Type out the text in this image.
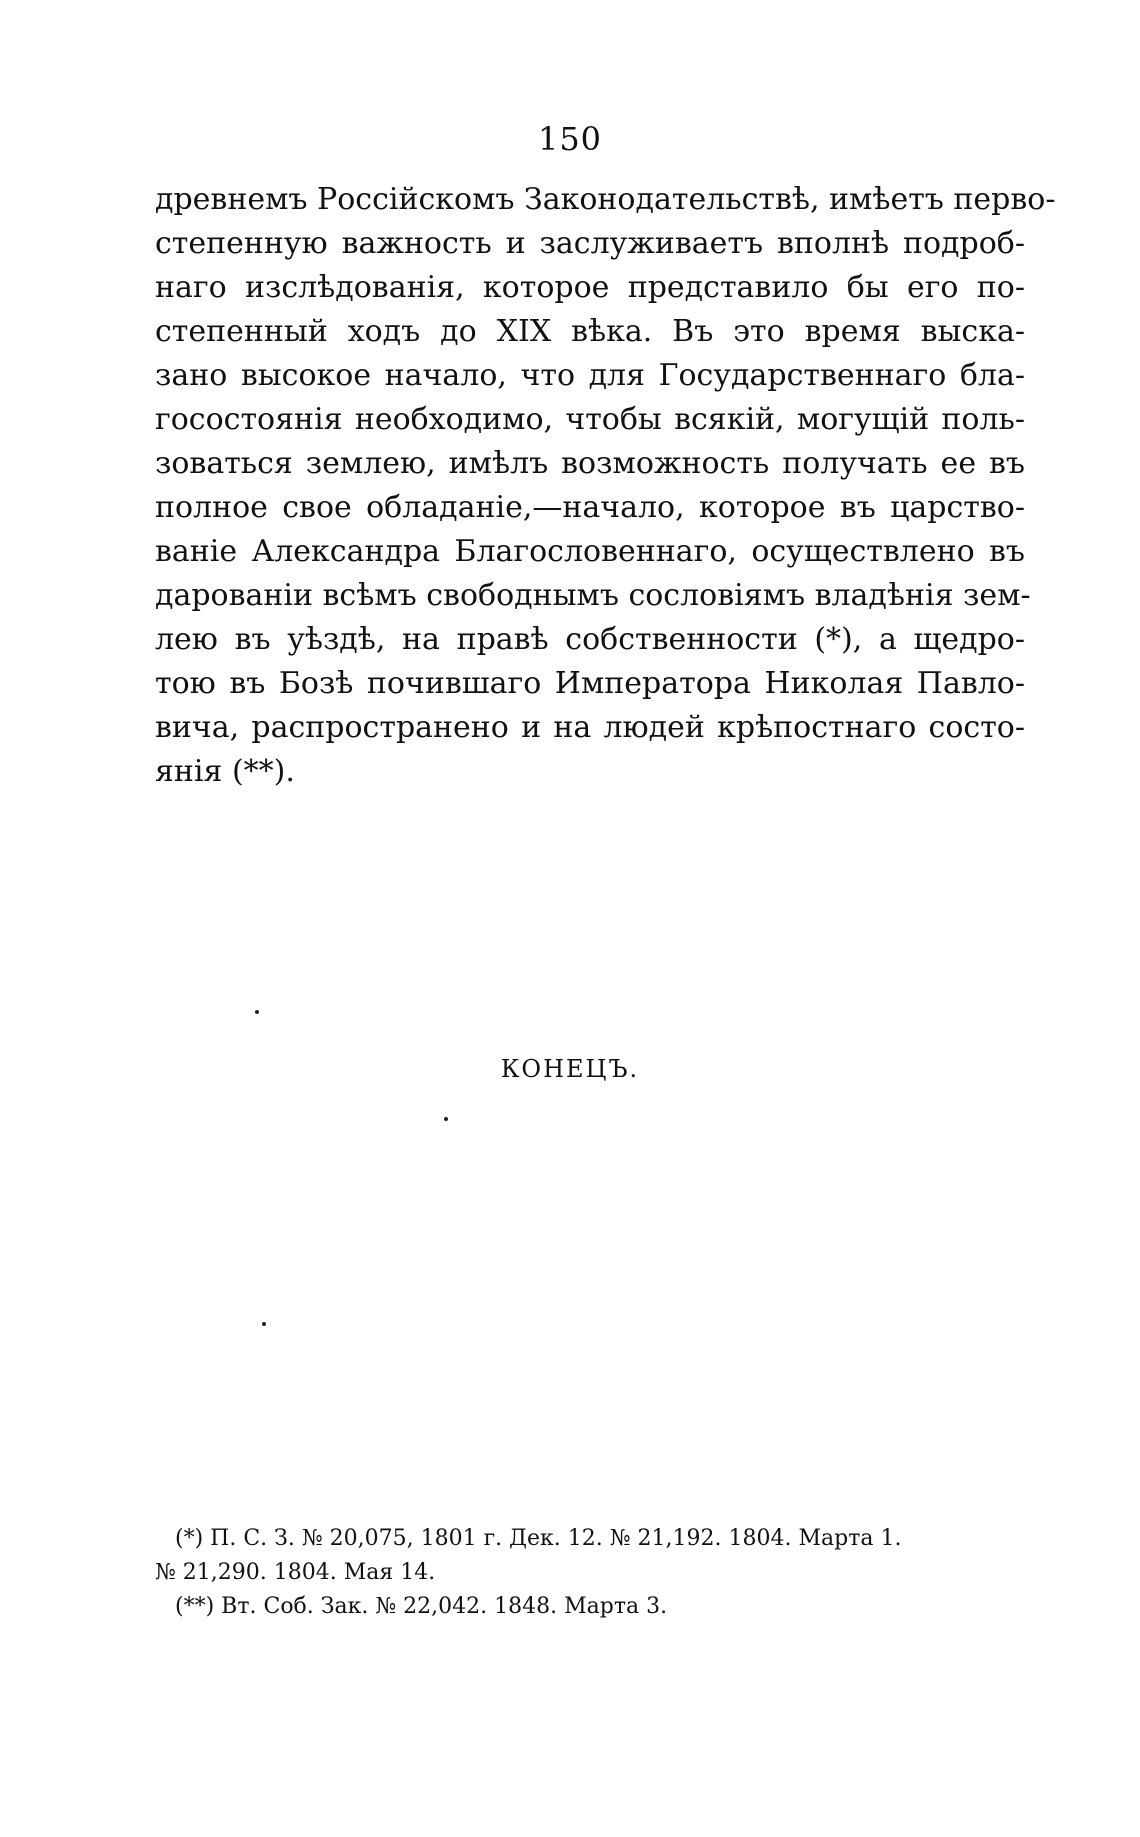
150
древнемъ Россійскомъ Законодательствѣ, имѣетъ перво-
степенную важность и заслуживаетъ вполнѣ подроб-
наго изслѣдованія, которое представило бы его по-
степенный ходъ до XIX вѣка. Въ это время выска-
зано высокое начало, что для Государственнаго бла-
госостоянія необходимо, чтобы всякій, могущій поль-
зоваться землею, имѣлъ возможность получать ее въ
полное свое обладаніе,—начало, которое въ царство-
ваніе Александра Благословеннаго, осуществлено въ
дарованіи всѣмъ свободнымъ сословіямъ владѣнія зем-
лею въ уѣздѣ, на правѣ собственности (*), а щедро-
тою въ Бозѣ почившаго Императора Николая Павло-
вича, распространено и на людей крѣпостнаго состо-
янія (**).
КОНЕЦЪ.
(*) П. С. З. № 20,075, 1801 г. Дек. 12. № 21,192. 1804. Марта 1.
№ 21,290. 1804. Мая 14.
(**) Вт. Соб. Зак. № 22,042. 1848. Марта 3.
